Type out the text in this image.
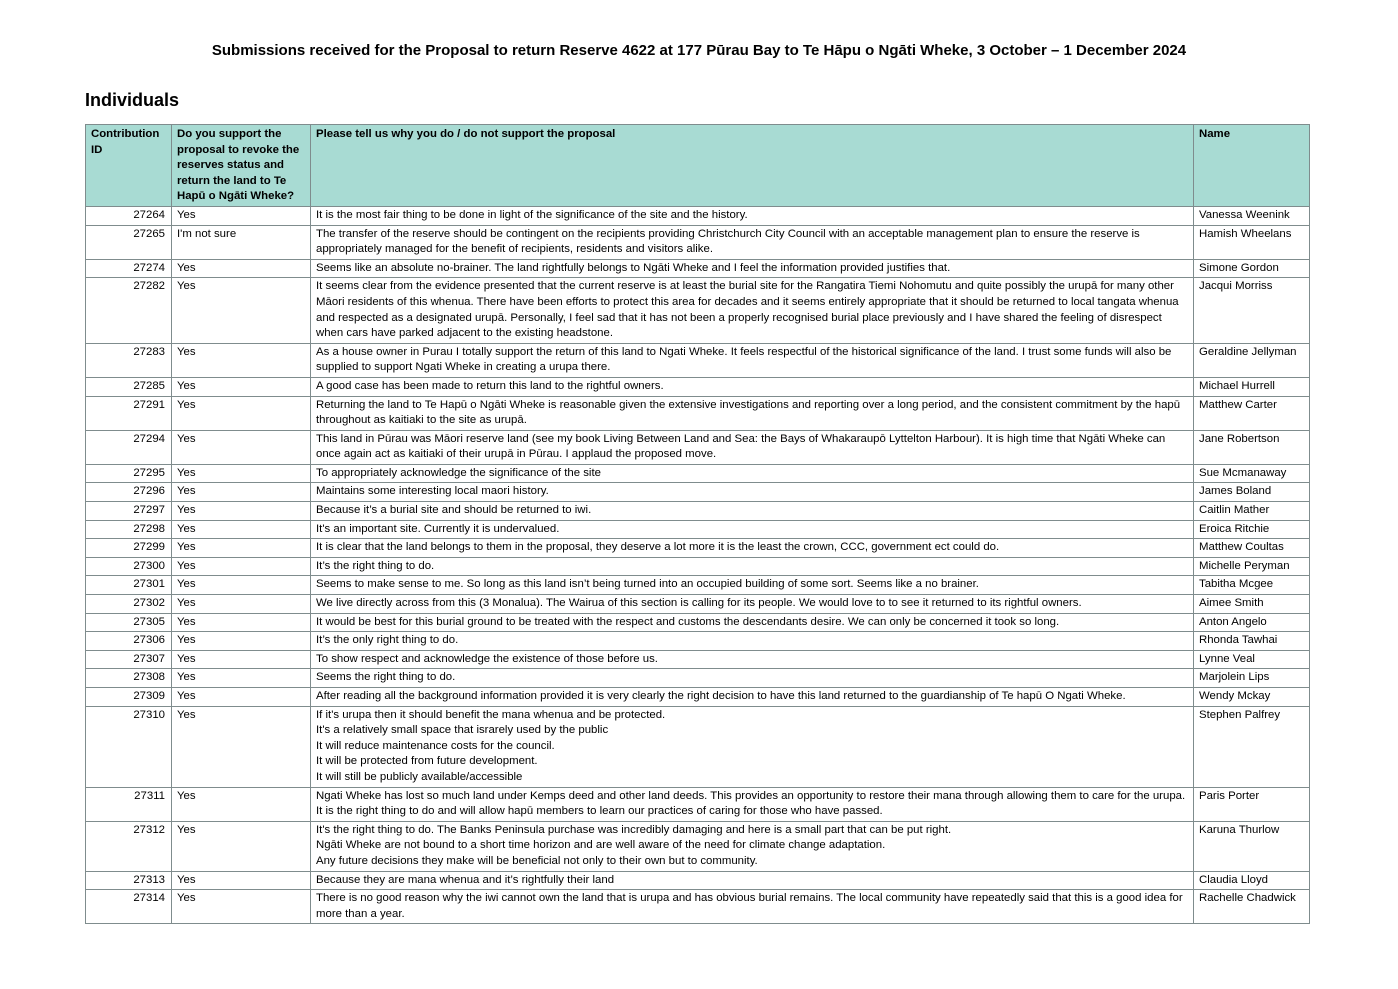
Submissions received for the Proposal to return Reserve 4622 at 177 Pūrau Bay to Te Hāpu o Ngāti Wheke, 3 October – 1 December 2024
Individuals
Contribution ID	Do you support the proposal to revoke the reserves status and return the land to Te Hapū o Ngāti Wheke?	Please tell us why you do / do not support the proposal	Name
27264	Yes	It is the most fair thing to be done in light of the significance of the site and the history.	Vanessa Weenink
27265	I'm not sure	The transfer of the reserve should be contingent on the recipients providing Christchurch City Council with an acceptable management plan to ensure the reserve is appropriately managed for the benefit of recipients, residents and visitors alike.	Hamish Wheelans
27274	Yes	Seems like an absolute no-brainer. The land rightfully belongs to Ngāti Wheke and I feel the information provided justifies that.	Simone Gordon
27282	Yes	It seems clear from the evidence presented that the current reserve is at least the burial site for the Rangatira Tiemi Nohomutu and quite possibly the urupā for many other Māori residents of this whenua. There have been efforts to protect this area for decades and it seems entirely appropriate that it should be returned to local tangata whenua and respected as a designated urupā. Personally, I feel sad that it has not been a properly recognised burial place previously and I have shared the feeling of disrespect when cars have parked adjacent to the existing headstone.	Jacqui Morriss
27283	Yes	As a house owner in Purau I totally support the return of this land to Ngati Wheke. It feels respectful of the historical significance of the land. I trust some funds will also be supplied to support Ngati Wheke in creating a urupa there.	Geraldine Jellyman
27285	Yes	A good case has been made to return this land to the rightful owners.	Michael Hurrell
27291	Yes	Returning the land to Te Hapū o Ngāti Wheke is reasonable given the extensive investigations and reporting over a long period, and the consistent commitment by the hapū throughout as kaitiaki to the site as urupā.	Matthew Carter
27294	Yes	This land in Pūrau was Māori reserve land (see my book Living Between Land and Sea: the Bays of Whakaraupō Lyttelton Harbour). It is high time that Ngāti Wheke can once again act as kaitiaki of their urupā in Pūrau. I applaud the proposed move.	Jane Robertson
27295	Yes	To appropriately acknowledge the significance of the site	Sue Mcmanaway
27296	Yes	Maintains some interesting local maori history.	James Boland
27297	Yes	Because it’s a burial site and should be returned to iwi.	Caitlin Mather
27298	Yes	It's an important site. Currently it is undervalued.	Eroica Ritchie
27299	Yes	It is clear that the land belongs to them in the proposal, they deserve a lot more it is the least the crown, CCC, government ect could do.	Matthew Coultas
27300	Yes	It’s the right thing to do.	Michelle Peryman
27301	Yes	Seems to make sense to me. So long as this land isn’t being turned into an occupied building of some sort. Seems like a no brainer.	Tabitha Mcgee
27302	Yes	We live directly across from this (3 Monalua). The Wairua of this section is calling for its people. We would love to to see it returned to its rightful owners.	Aimee Smith
27305	Yes	It would be best for this burial ground to be treated with the respect and customs the descendants desire. We can only be concerned it took so long.	Anton Angelo
27306	Yes	It’s the only right thing to do.	Rhonda Tawhai
27307	Yes	To show respect and acknowledge the existence of those before us.	Lynne Veal
27308	Yes	Seems the right thing to do.	Marjolein Lips
27309	Yes	After reading all the background information provided it is very clearly the right decision to have this land returned to the guardianship of Te hapū O Ngati Wheke.	Wendy Mckay
27310	Yes	If it's urupa then it should benefit the mana whenua and be protected.
It's a relatively small space that israrely used by the public
It will reduce maintenance costs for the council.
It will be protected from future development.
It will still be publicly available/accessible	Stephen Palfrey
27311	Yes	Ngati Wheke has lost so much land under Kemps deed and other land deeds. This provides an opportunity to restore their mana through allowing them to care for the urupa. It is the right thing to do and will allow hapū members to learn our practices of caring for those who have passed.	Paris Porter
27312	Yes	It's the right thing to do. The Banks Peninsula purchase was incredibly damaging and here is a small part that can be put right.
Ngāti Wheke are not bound to a short time horizon and are well aware of the need for climate change adaptation.
Any future decisions they make will be beneficial not only to their own but to community.	Karuna Thurlow
27313	Yes	Because they are mana whenua and it’s rightfully their land	Claudia Lloyd
27314	Yes	There is no good reason why the iwi cannot own the land that is urupa and has obvious burial remains. The local community have repeatedly said that this is a good idea for more than a year.	Rachelle Chadwick
